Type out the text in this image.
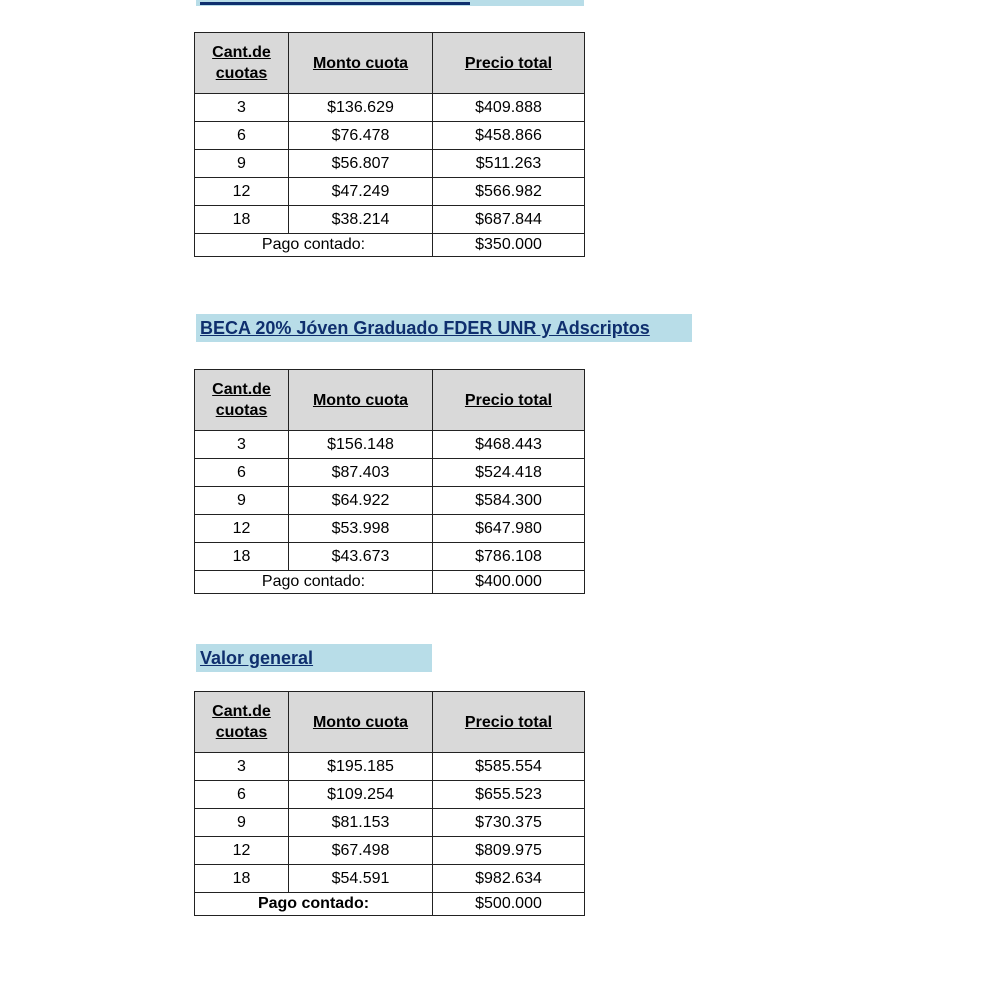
Cant.de cuotas	Monto cuota	Precio total
3	$136.629	$409.888
6	$76.478	$458.866
9	$56.807	$511.263
12	$47.249	$566.982
18	$38.214	$687.844
Pago contado:		$350.000
BECA 20% Jóven Graduado FDER UNR y Adscriptos
Cant.de cuotas	Monto cuota	Precio total
3	$156.148	$468.443
6	$87.403	$524.418
9	$64.922	$584.300
12	$53.998	$647.980
18	$43.673	$786.108
Pago contado:		$400.000
Valor general
Cant.de cuotas	Monto cuota	Precio total
3	$195.185	$585.554
6	$109.254	$655.523
9	$81.153	$730.375
12	$67.498	$809.975
18	$54.591	$982.634
Pago contado:		$500.000
